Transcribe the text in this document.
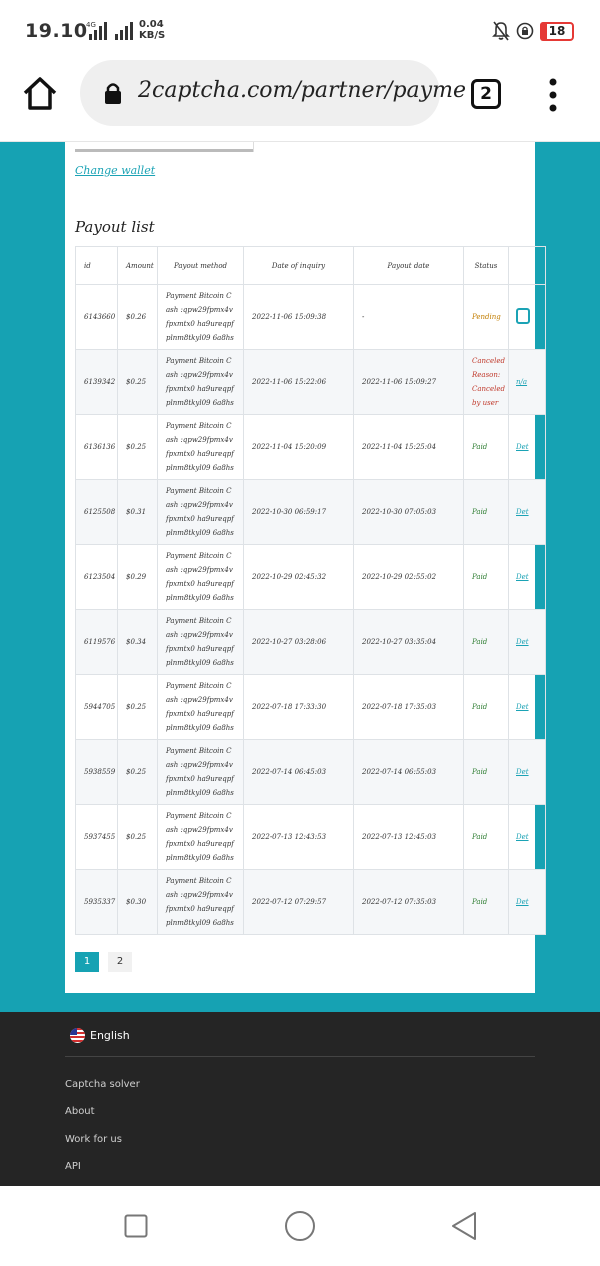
19.10
4G	0.04
KB/S	18
2captcha.com/partner/payme 2
Change wallet
Payout list
id	Amount	Payout method	Date of inquiry	Payout date	Status	
6143660	$0.26	Payment Bitcoin Cash :qpw29fpmx4vfpxmtx0 ha9ureqpfplnm8tkyl09 6a8hs	2022-11-06 15:09:38	-	Pending	
6139342	$0.25	Payment Bitcoin Cash :qpw29fpmx4vfpxmtx0 ha9ureqpfplnm8tkyl09 6a8hs	2022-11-06 15:22:06	2022-11-06 15:09:27	Canceled Reason: Canceled by user	n/a
6136136	$0.25	Payment Bitcoin Cash :qpw29fpmx4vfpxmtx0 ha9ureqpfplnm8tkyl09 6a8hs	2022-11-04 15:20:09	2022-11-04 15:25:04	Paid	Det
6125508	$0.31	Payment Bitcoin Cash :qpw29fpmx4vfpxmtx0 ha9ureqpfplnm8tkyl09 6a8hs	2022-10-30 06:59:17	2022-10-30 07:05:03	Paid	Det
6123504	$0.29	Payment Bitcoin Cash :qpw29fpmx4vfpxmtx0 ha9ureqpfplnm8tkyl09 6a8hs	2022-10-29 02:45:32	2022-10-29 02:55:02	Paid	Det
6119576	$0.34	Payment Bitcoin Cash :qpw29fpmx4vfpxmtx0 ha9ureqpfplnm8tkyl09 6a8hs	2022-10-27 03:28:06	2022-10-27 03:35:04	Paid	Det
5944705	$0.25	Payment Bitcoin Cash :qpw29fpmx4vfpxmtx0 ha9ureqpfplnm8tkyl09 6a8hs	2022-07-18 17:33:30	2022-07-18 17:35:03	Paid	Det
5938559	$0.25	Payment Bitcoin Cash :qpw29fpmx4vfpxmtx0 ha9ureqpfplnm8tkyl09 6a8hs	2022-07-14 06:45:03	2022-07-14 06:55:03	Paid	Det
5937455	$0.25	Payment Bitcoin Cash :qpw29fpmx4vfpxmtx0 ha9ureqpfplnm8tkyl09 6a8hs	2022-07-13 12:43:53	2022-07-13 12:45:03	Paid	Det
5935337	$0.30	Payment Bitcoin Cash :qpw29fpmx4vfpxmtx0 ha9ureqpfplnm8tkyl09 6a8hs	2022-07-12 07:29:57	2022-07-12 07:35:03	Paid	Det
1	2
English
Captcha solver
About
Work for us
API
